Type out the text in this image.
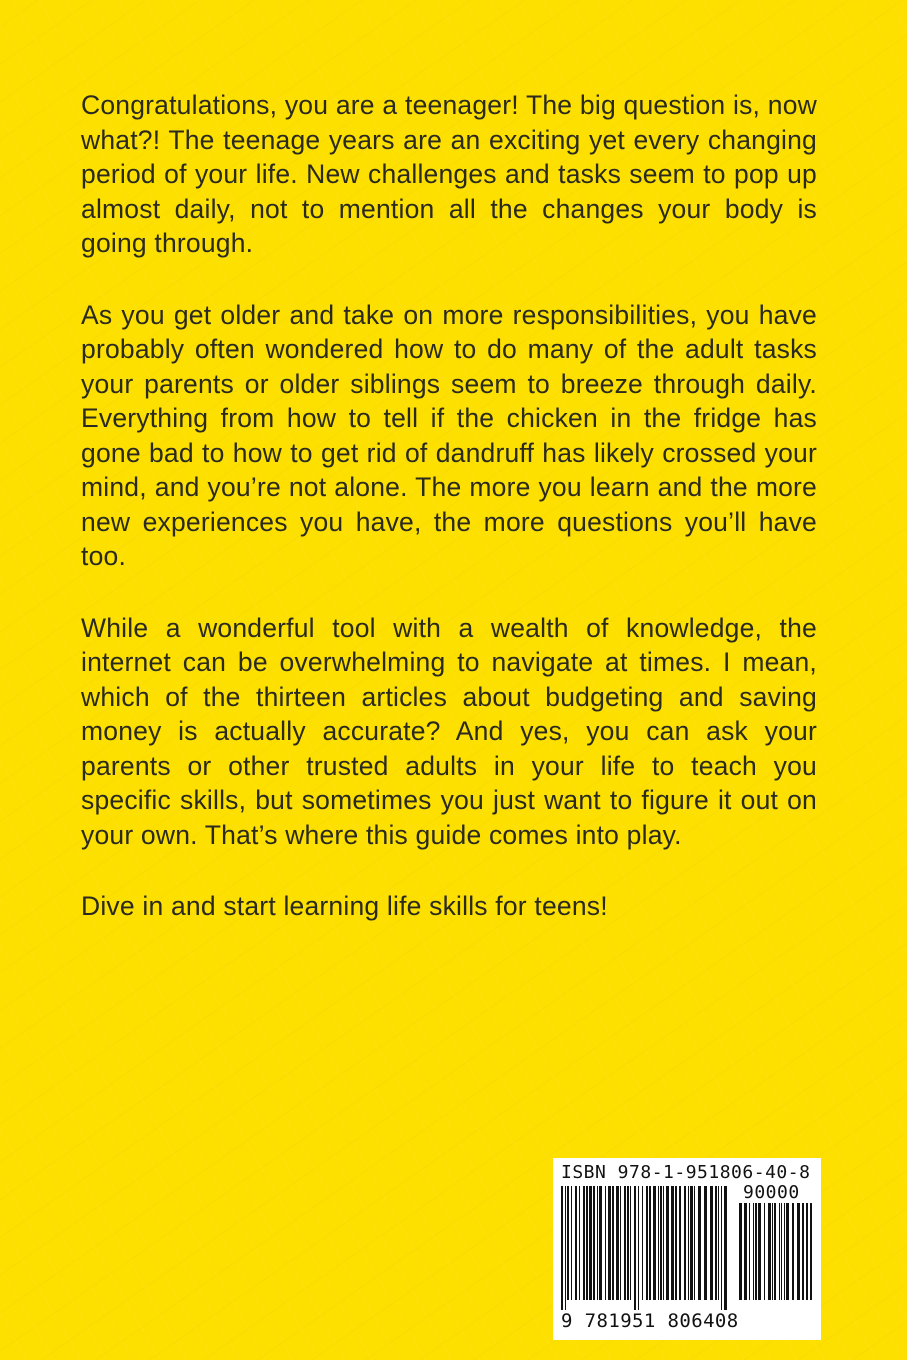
Congratulations, you are a teenager! The big question is, now what?! The teenage years are an exciting yet every changing period of your life. New challenges and tasks seem to pop up almost daily, not to mention all the changes your body is going through.

As you get older and take on more responsibilities, you have probably often wondered how to do many of the adult tasks your parents or older siblings seem to breeze through daily. Everything from how to tell if the chicken in the fridge has gone bad to how to get rid of dandruff has likely crossed your mind, and you’re not alone. The more you learn and the more new experiences you have, the more questions you’ll have too.

While a wonderful tool with a wealth of knowledge, the internet can be overwhelming to navigate at times. I mean, which of the thirteen articles about budgeting and saving money is actually accurate? And yes, you can ask your parents or other trusted adults in your life to teach you specific skills, but sometimes you just want to figure it out on your own. That’s where this guide comes into play.

Dive in and start learning life skills for teens!

ISBN 978-1-951806-40-8
90000
9 781951 806408
